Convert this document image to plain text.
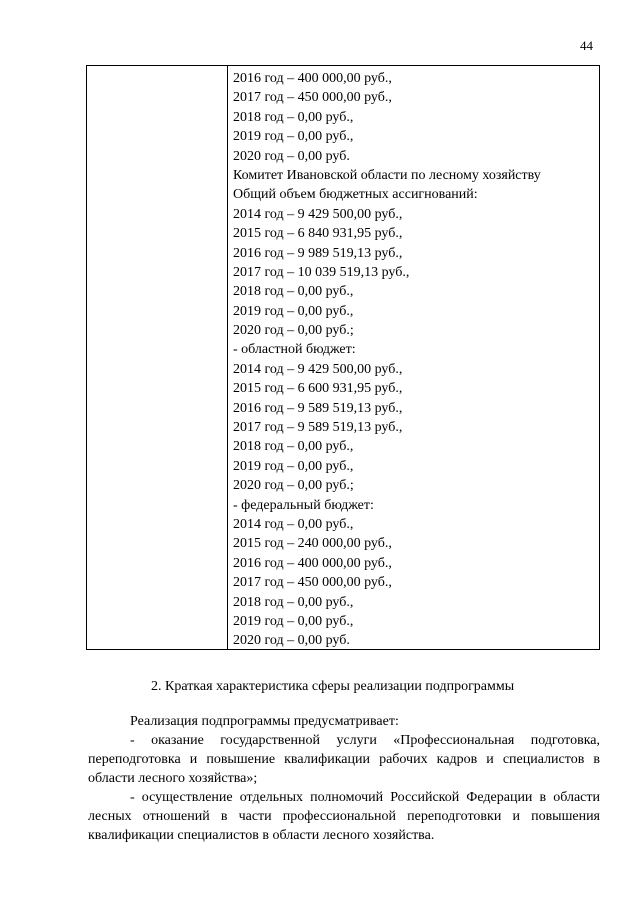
44
2016 год – 400 000,00 руб.,
2017 год – 450 000,00 руб.,
2018 год – 0,00 руб.,
2019 год – 0,00 руб.,
2020 год – 0,00 руб.
Комитет Ивановской области по лесному хозяйству
Общий объем бюджетных ассигнований:
2014 год – 9 429 500,00 руб.,
2015 год – 6 840 931,95 руб.,
2016 год – 9 989 519,13 руб.,
2017 год – 10 039 519,13 руб.,
2018 год – 0,00 руб.,
2019 год – 0,00 руб.,
2020 год – 0,00 руб.;
- областной бюджет:
2014 год – 9 429 500,00 руб.,
2015 год – 6 600 931,95 руб.,
2016 год – 9 589 519,13 руб.,
2017 год – 9 589 519,13 руб.,
2018 год – 0,00 руб.,
2019 год – 0,00 руб.,
2020 год – 0,00 руб.;
- федеральный бюджет:
2014 год – 0,00 руб.,
2015 год – 240 000,00 руб.,
2016 год – 400 000,00 руб.,
2017 год – 450 000,00 руб.,
2018 год – 0,00 руб.,
2019 год – 0,00 руб.,
2020 год – 0,00 руб.
2. Краткая характеристика сферы реализации подпрограммы
Реализация подпрограммы предусматривает:
- оказание государственной услуги «Профессиональная подготовка, переподготовка и повышение квалификации рабочих кадров и специалистов в области лесного хозяйства»;
- осуществление отдельных полномочий Российской Федерации в области лесных отношений в части профессиональной переподготовки и повышения квалификации специалистов в области лесного хозяйства.
